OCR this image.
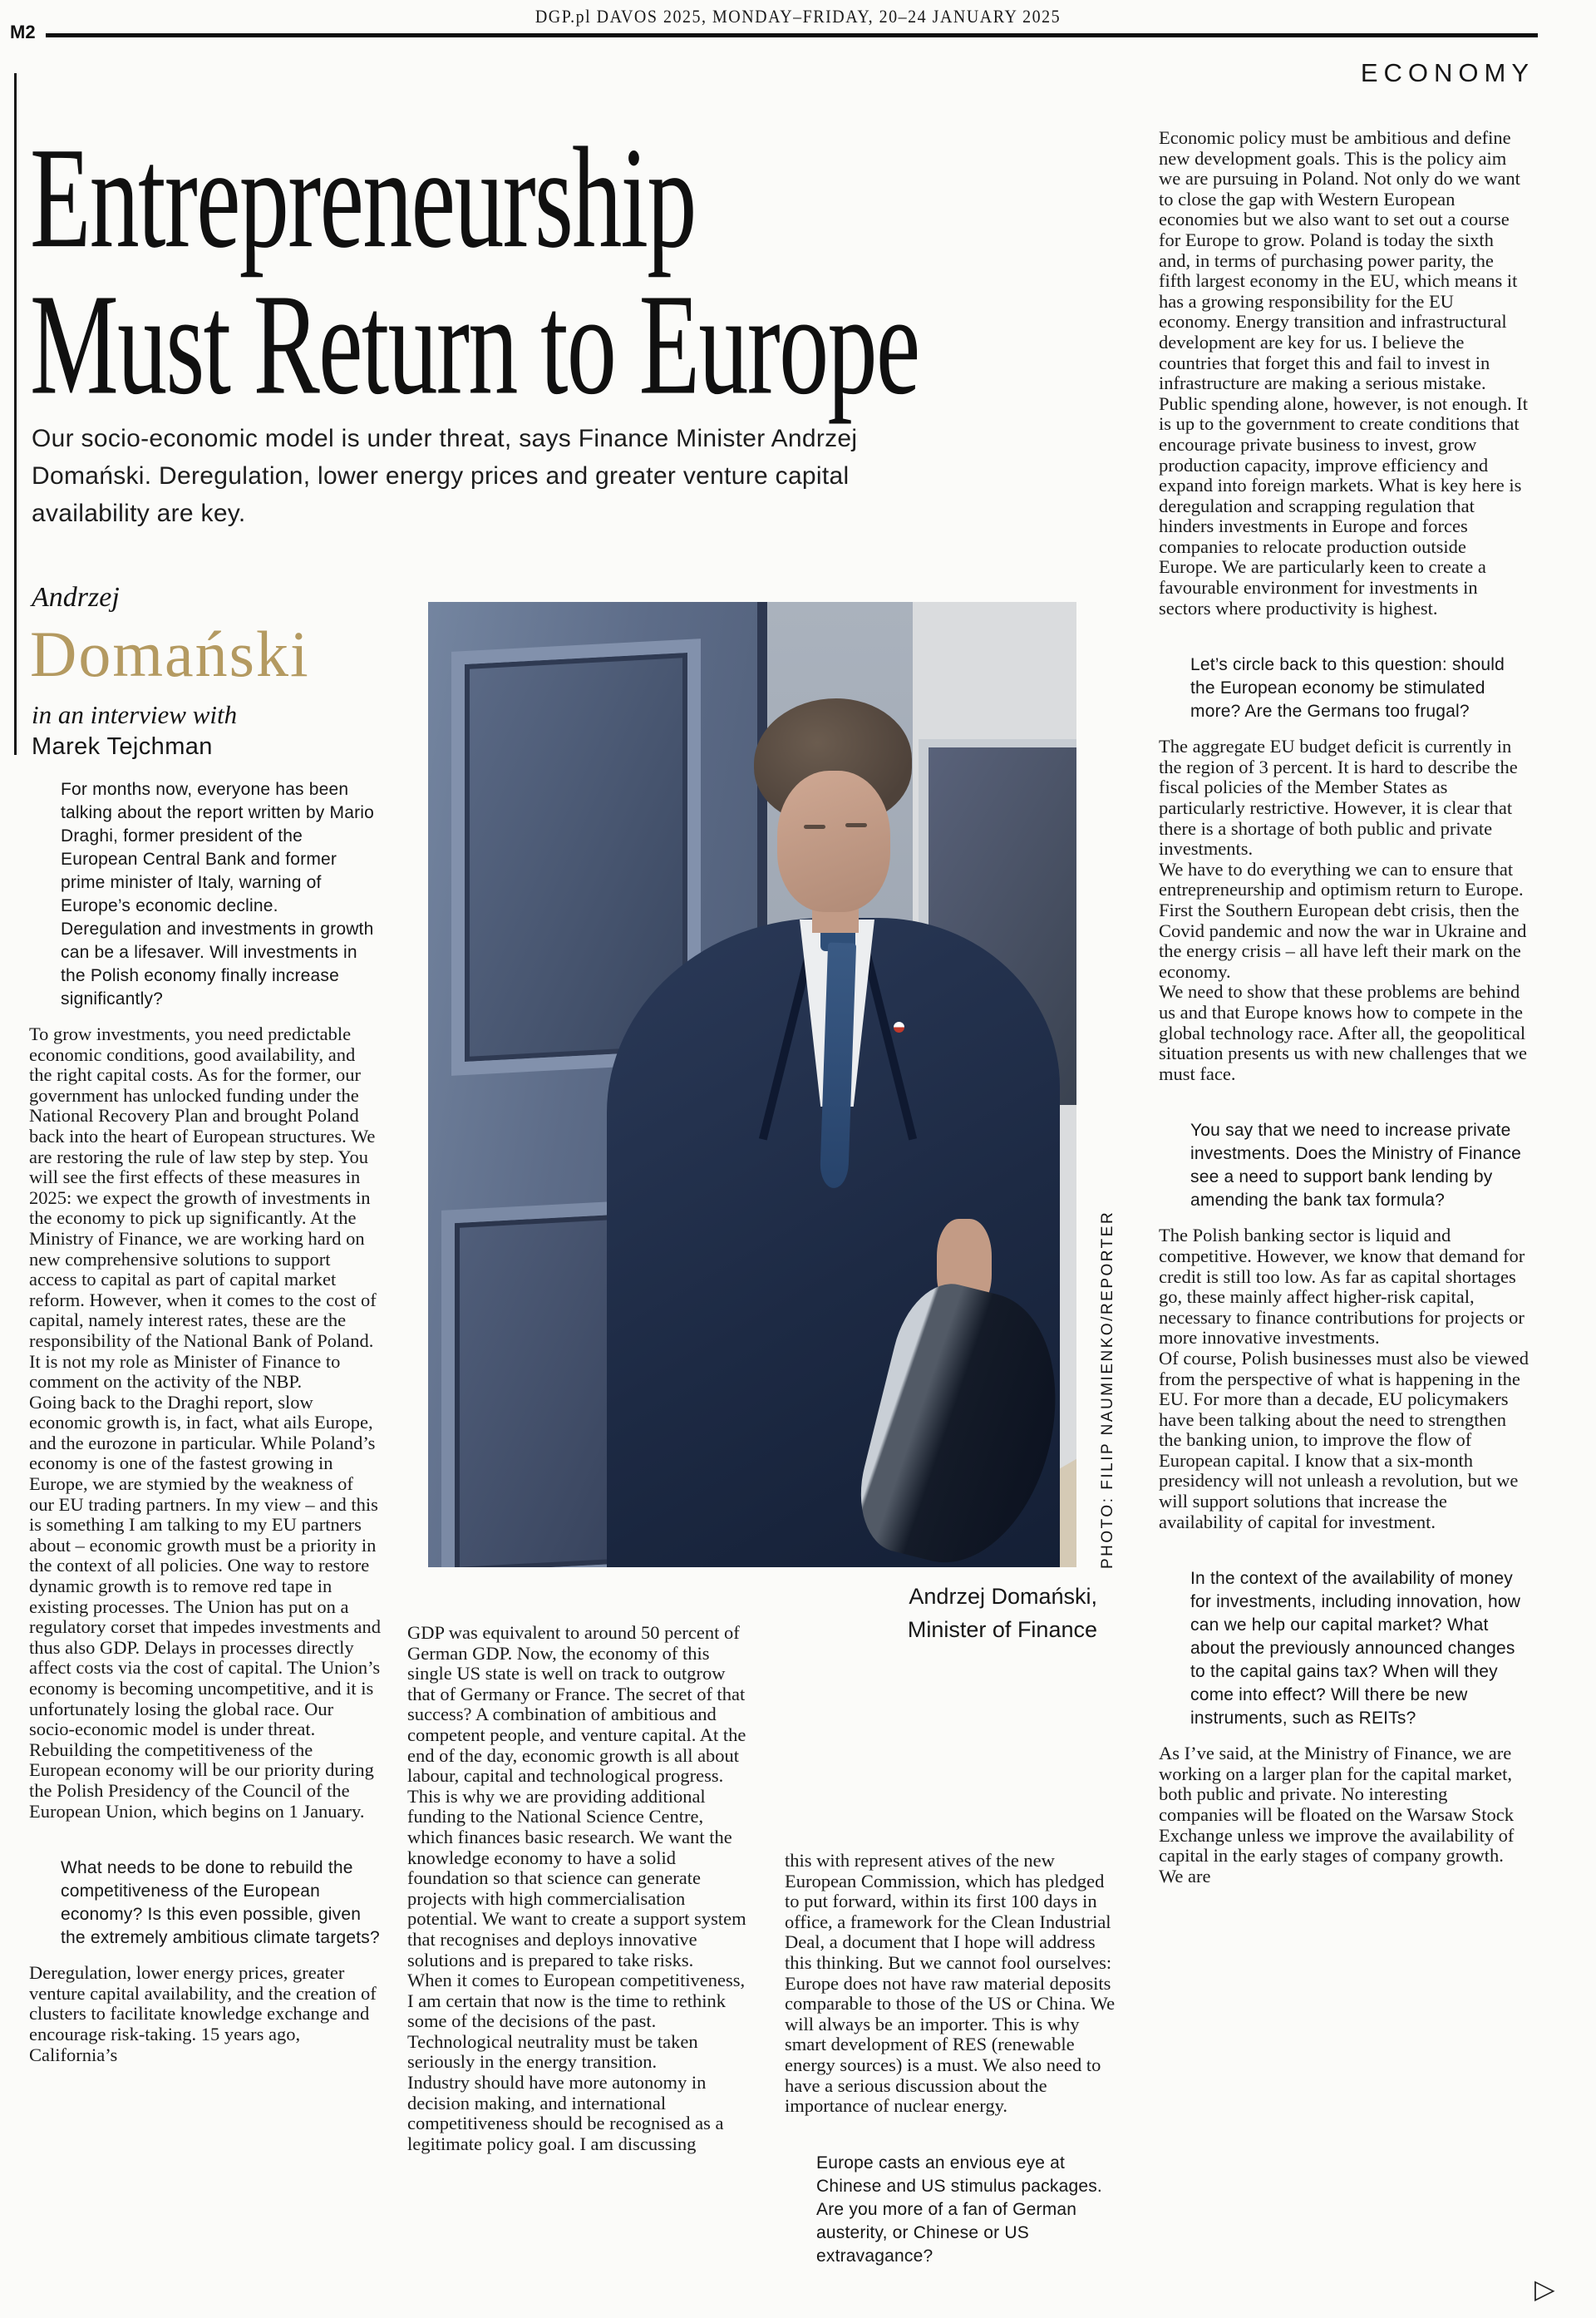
DGP.pl DAVOS 2025, MONDAY–FRIDAY, 20–24 JANUARY 2025
M2
ECONOMY
Entrepreneurship
Must Return to Europe
Our socio-economic model is under threat, says Finance Minister Andrzej Domański. Deregulation, lower energy prices and greater venture capital availability are key.
Andrzej
Domański
in an interview with
Marek Tejchman

For months now, everyone has been talking about the report written by Mario Draghi, former president of the European Central Bank and former prime minister of Italy, warning of Europe’s economic decline. Deregulation and investments in growth can be a lifesaver. Will investments in the Polish economy finally increase significantly?

To grow investments, you need predictable economic conditions, good availability, and the right capital costs. As for the former, our government has unlocked funding under the National Recovery Plan and brought Poland back into the heart of European structures. We are restoring the rule of law step by step. You will see the first effects of these measures in 2025: we expect the growth of investments in the economy to pick up significantly. At the Ministry of Finance, we are working hard on new comprehensive solutions to support access to capital as part of capital market reform. However, when it comes to the cost of capital, namely interest rates, these are the responsibility of the National Bank of Poland. It is not my role as Minister of Finance to comment on the activity of the NBP.

Going back to the Draghi report, slow economic growth is, in fact, what ails Europe, and the eurozone in particular. While Poland’s economy is one of the fastest growing in Europe, we are stymied by the weakness of our EU trading partners. In my view – and this is something I am talking to my EU partners about – economic growth must be a priority in the context of all policies. One way to restore dynamic growth is to remove red tape in existing processes. The Union has put on a regulatory corset that impedes investments and thus also GDP. Delays in processes directly affect costs via the cost of capital. The Union’s economy is becoming uncompetitive, and it is unfortunately losing the global race. Our socio-economic model is under threat. Rebuilding the competitiveness of the European economy will be our priority during the Polish Presidency of the Council of the European Union, which begins on 1 January.

What needs to be done to rebuild the competitiveness of the European economy? Is this even possible, given the extremely ambitious climate targets?

Deregulation, lower energy prices, greater venture capital availability, and the creation of clusters to facilitate knowledge exchange and encourage risk-taking. 15 years ago, California’s

PHOTO: FILIP NAUMIENKO/REPORTER
Andrzej Domański,
Minister of Finance

GDP was equivalent to around 50 percent of German GDP. Now, the economy of this single US state is well on track to outgrow that of Germany or France. The secret of that success? A combination of ambitious and competent people, and venture capital. At the end of the day, economic growth is all about labour, capital and technological progress. This is why we are providing additional funding to the National Science Centre, which finances basic research. We want the knowledge economy to have a solid foundation so that science can generate projects with high commercialisation potential. We want to create a support system that recognises and deploys innovative solutions and is prepared to take risks.

When it comes to European competitiveness, I am certain that now is the time to rethink some of the decisions of the past. Technological neutrality must be taken seriously in the energy transition.

Industry should have more autonomy in decision making, and international competitiveness should be recognised as a legitimate policy goal. I am discussing

this with represent atives of the new European Commission, which has pledged to put forward, within its first 100 days in office, a framework for the Clean Industrial Deal, a document that I hope will address this thinking. But we cannot fool ourselves: Europe does not have raw material deposits comparable to those of the US or China. We will always be an importer. This is why smart development of RES (renewable energy sources) is a must. We also need to have a serious discussion about the importance of nuclear energy.

Europe casts an envious eye at Chinese and US stimulus packages. Are you more of a fan of German austerity, or Chinese or US extravagance?

Economic policy must be ambitious and define new development goals. This is the policy aim we are pursuing in Poland. Not only do we want to close the gap with Western European economies but we also want to set out a course for Europe to grow. Poland is today the sixth and, in terms of purchasing power parity, the fifth largest economy in the EU, which means it has a growing responsibility for the EU economy. Energy transition and infrastructural development are key for us. I believe the countries that forget this and fail to invest in infrastructure are making a serious mistake. Public spending alone, however, is not enough. It is up to the government to create conditions that encourage private business to invest, grow production capacity, improve efficiency and expand into foreign markets. What is key here is deregulation and scrapping regulation that hinders investments in Europe and forces companies to relocate production outside Europe. We are particularly keen to create a favourable environment for investments in sectors where productivity is highest.

Let’s circle back to this question: should the European economy be stimulated more? Are the Germans too frugal?

The aggregate EU budget deficit is currently in the region of 3 percent. It is hard to describe the fiscal policies of the Member States as particularly restrictive. However, it is clear that there is a shortage of both public and private investments.

We have to do everything we can to ensure that entrepreneurship and optimism return to Europe. First the Southern European debt crisis, then the Covid pandemic and now the war in Ukraine and the energy crisis – all have left their mark on the economy.

We need to show that these problems are behind us and that Europe knows how to compete in the global technology race. After all, the geopolitical situation presents us with new challenges that we must face.

You say that we need to increase private investments. Does the Ministry of Finance see a need to support bank lending by amending the bank tax formula?

The Polish banking sector is liquid and competitive. However, we know that demand for credit is still too low. As far as capital shortages go, these mainly affect higher-risk capital, necessary to finance contributions for projects or more innovative investments.

Of course, Polish businesses must also be viewed from the perspective of what is happening in the EU. For more than a decade, EU policymakers have been talking about the need to strengthen the banking union, to improve the flow of European capital. I know that a six-month presidency will not unleash a revolution, but we will support solutions that increase the availability of capital for investment.

In the context of the availability of money for investments, including innovation, how can we help our capital market? What about the previously announced changes to the capital gains tax? When will they come into effect? Will there be new instruments, such as REITs?

As I’ve said, at the Ministry of Finance, we are working on a larger plan for the capital market, both public and private. No interesting companies will be floated on the Warsaw Stock Exchange unless we improve the availability of capital in the early stages of company growth. We are

▷
